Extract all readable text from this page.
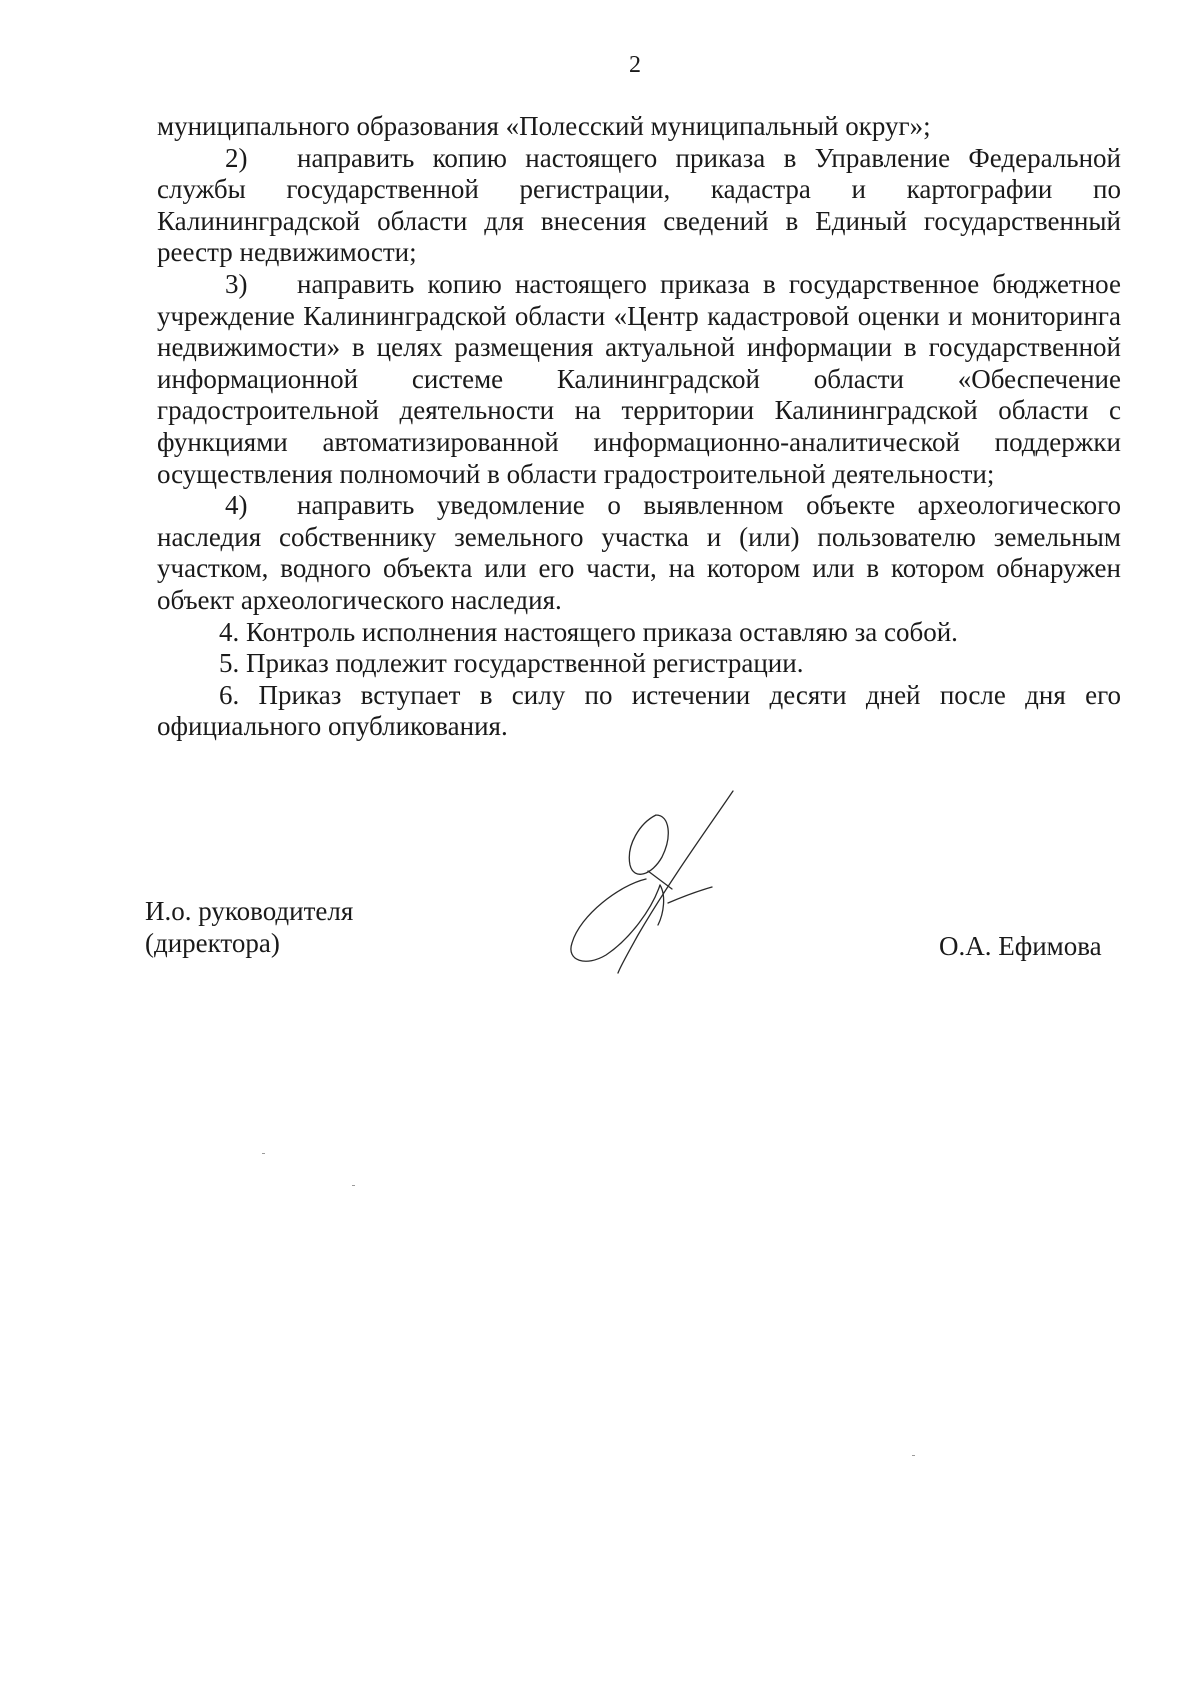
2

муниципального образования «Полесский муниципальный округ»;

2) направить копию настоящего приказа в Управление Федеральной службы государственной регистрации, кадастра и картографии по Калининградской области для внесения сведений в Единый государственный реестр недвижимости;

3) направить копию настоящего приказа в государственное бюджетное учреждение Калининградской области «Центр кадастровой оценки и мониторинга недвижимости» в целях размещения актуальной информации в государственной информационной системе Калининградской области «Обеспечение градостроительной деятельности на территории Калининградской области с функциями автоматизированной информационно-аналитической поддержки осуществления полномочий в области градостроительной деятельности;

4) направить уведомление о выявленном объекте археологического наследия собственнику земельного участка и (или) пользователю земельным участком, водного объекта или его части, на котором или в котором обнаружен объект археологического наследия.

4. Контроль исполнения настоящего приказа оставляю за собой.

5. Приказ подлежит государственной регистрации.

6. Приказ вступает в силу по истечении десяти дней после дня его официального опубликования.

И.о. руководителя
(директора)	О.А. Ефимова
